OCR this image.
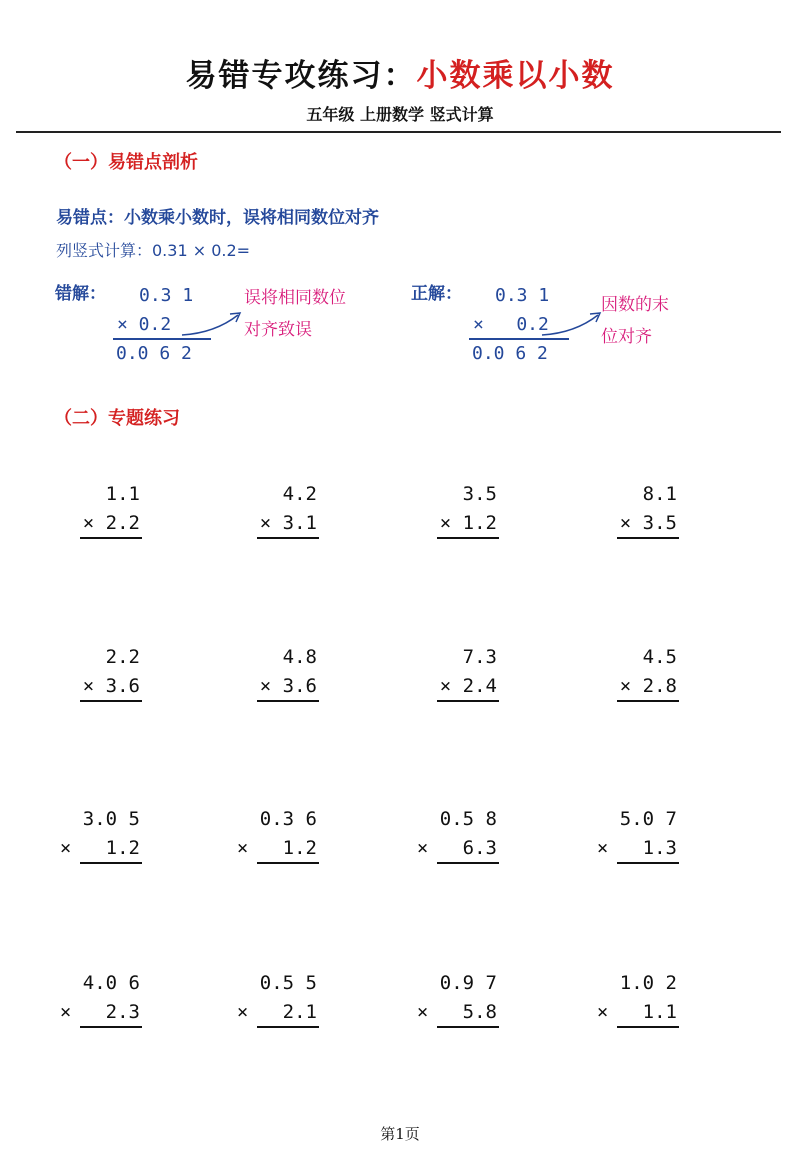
易错专攻练习：小数乘以小数
五年级 上册数学 竖式计算
（一）易错点剖析
易错点：小数乘小数时，误将相同数位对齐
列竖式计算：0.31 × 0.2=
错解： 0.3 1
× 0.2
0.0 6 2
误将相同数位
对齐致误
正解： 0.3 1
×   0.2
0.0 6 2
因数的末
位对齐
（二）专题练习
1.1
× 2.2
4.2
× 3.1
3.5
× 1.2
8.1
× 3.5
2.2
× 3.6
4.8
× 3.6
7.3
× 2.4
4.5
× 2.8
3.0 5
×   1.2
0.3 6
×   1.2
0.5 8
×   6.3
5.0 7
×   1.3
4.0 6
×   2.3
0.5 5
×   2.1
0.9 7
×   5.8
1.0 2
×   1.1
第1页
